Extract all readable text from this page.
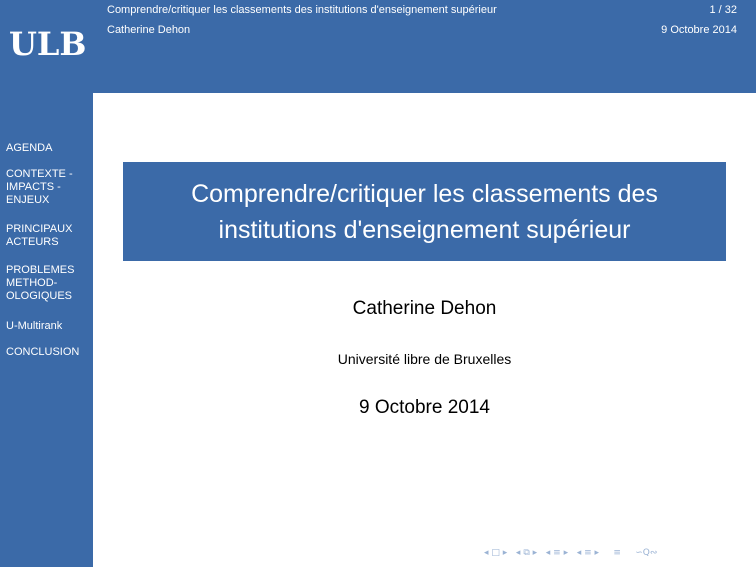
ULB
AGENDA
CONTEXTE - IMPACTS - ENJEUX
PRINCIPAUX ACTEURS
PROBLEMES METHOD-OLOGIQUES
U-Multirank
CONCLUSION
Comprendre/critiquer les classements des institutions d'enseignement supérieur	1 / 32
Catherine Dehon	9 Octobre 2014
Comprendre/critiquer les classements des institutions d'enseignement supérieur
Catherine Dehon
Université libre de Bruxelles
9 Octobre 2014
◂ □ ▸ ◂ ⧉ ▸ ◂ ≡ ▸ ◂ ≡ ▸ ≡ ∽Q∾
